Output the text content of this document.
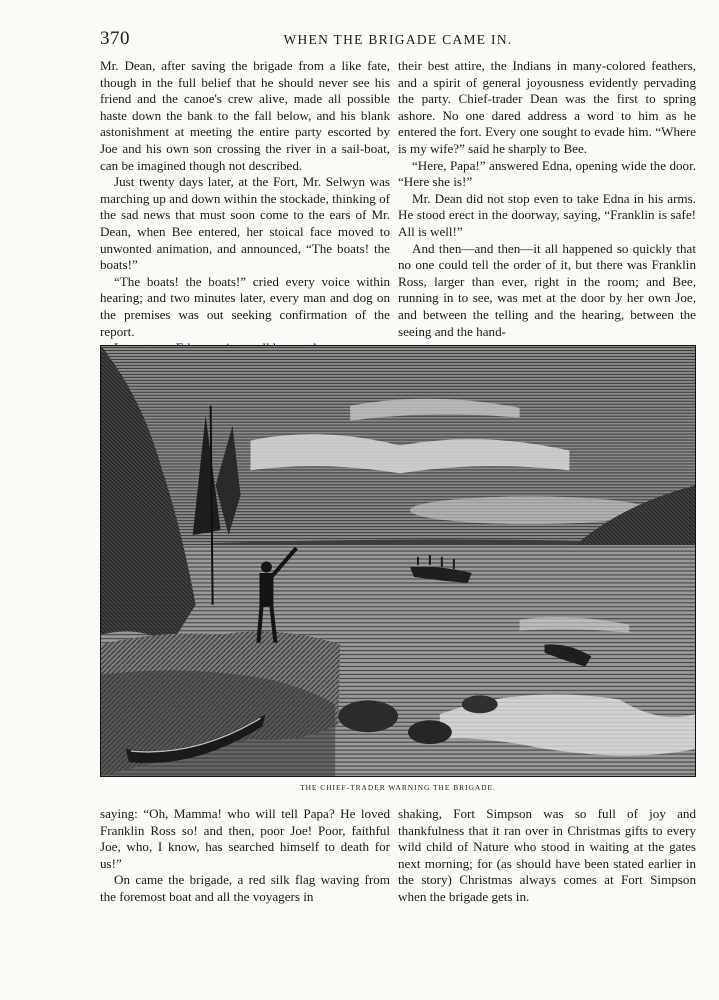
370	WHEN THE BRIGADE CAME IN.

Mr. Dean, after saving the brigade from a like fate, though in the full belief that he should never see his friend and the canoe's crew alive, made all possible haste down the bank to the fall below, and his blank astonishment at meeting the entire party escorted by Joe and his own son crossing the river in a sail-boat, can be imagined though not described.

Just twenty days later, at the Fort, Mr. Selwyn was marching up and down within the stockade, thinking of the sad news that must soon come to the ears of Mr. Dean, when Bee entered, her stoical face moved to unwonted animation, and announced, “The boats! the boats!”

“The boats! the boats!” cried every voice within hearing; and two minutes later, every man and dog on the premises was out seeking confirmation of the report.

their best attire, the Indians in many-colored feathers, and a spirit of general joyousness evidently pervading the party. Chief-trader Dean was the first to spring ashore. No one dared address a word to him as he entered the fort. Every one sought to evade him. “Where is my wife?” said he sharply to Bee.

“Here, Papa!” answered Edna, opening wide the door. “Here she is!”

Mr. Dean did not stop even to take Edna in his arms. He stood erect in the doorway, saying, “Franklin is safe! All is well!”

And then—and then—it all happened so quickly that no one could tell the order of it, but there was Franklin Ross, larger than ever, right in the room; and Bee, running in to see, was met at the door by her own Joe, and between the telling and the hearing, between the seeing and the hand-

THE CHIEF-TRADER WARNING THE BRIGADE.

saying: “Oh, Mamma! who will tell Papa? He loved Franklin Ross so! and then, poor Joe! Poor, faithful Joe, who, I know, has searched himself to death for us!”

On came the brigade, a red silk flag waving from the foremost boat and all the voyagers in

shaking, Fort Simpson was so full of joy and thankfulness that it ran over in Christmas gifts to every wild child of Nature who stood in waiting at the gates next morning; for (as should have been stated earlier in the story) Christmas always comes at Fort Simpson when the brigade gets in.
